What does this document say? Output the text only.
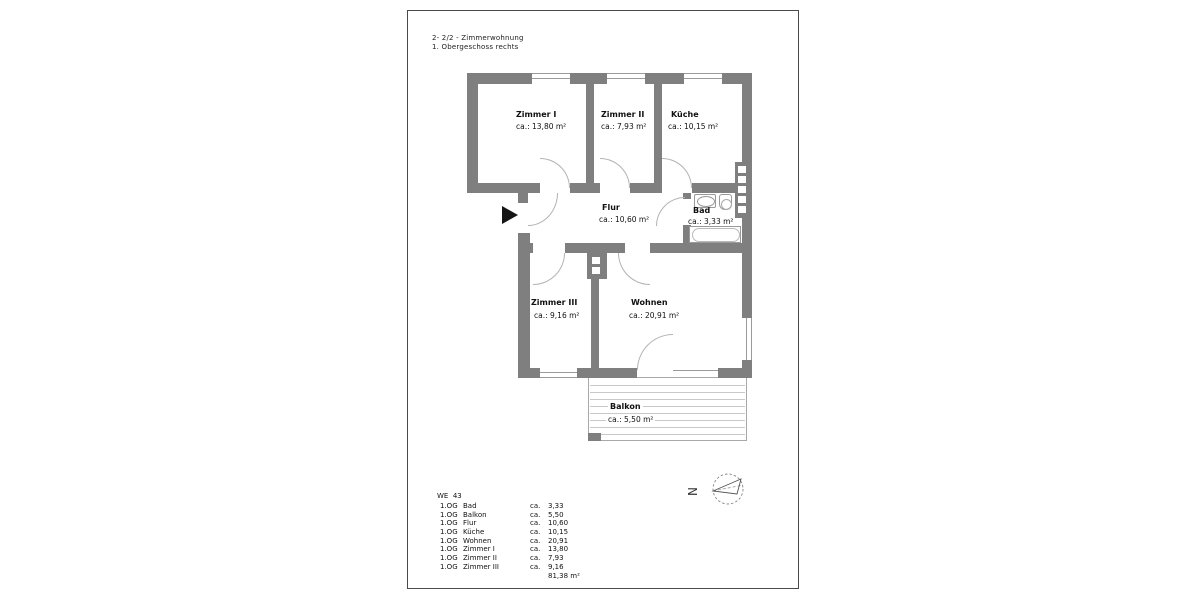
2- 2/2 - Zimmerwohnung
1. Obergeschoss rechts
Zimmer I
ca.: 13,80 m²
Zimmer II
ca.: 7,93 m²
Küche
ca.: 10,15 m²
Flur
ca.: 10,60 m²
Bad
ca.: 3,33 m²
Zimmer III
ca.: 9,16 m²
Wohnen
ca.: 20,91 m²
Balkon
ca.: 5,50 m²
WE 43
1.OG Bad	ca.	3,33
1.OG Balkon	ca.	5,50
1.OG Flur	ca.	10,60
1.OG Küche	ca.	10,15
1.OG Wohnen	ca.	20,91
1.OG Zimmer I	ca.	13,80
1.OG Zimmer II	ca.	7,93
1.OG Zimmer III	ca.	9,16
81,38 m²
N
